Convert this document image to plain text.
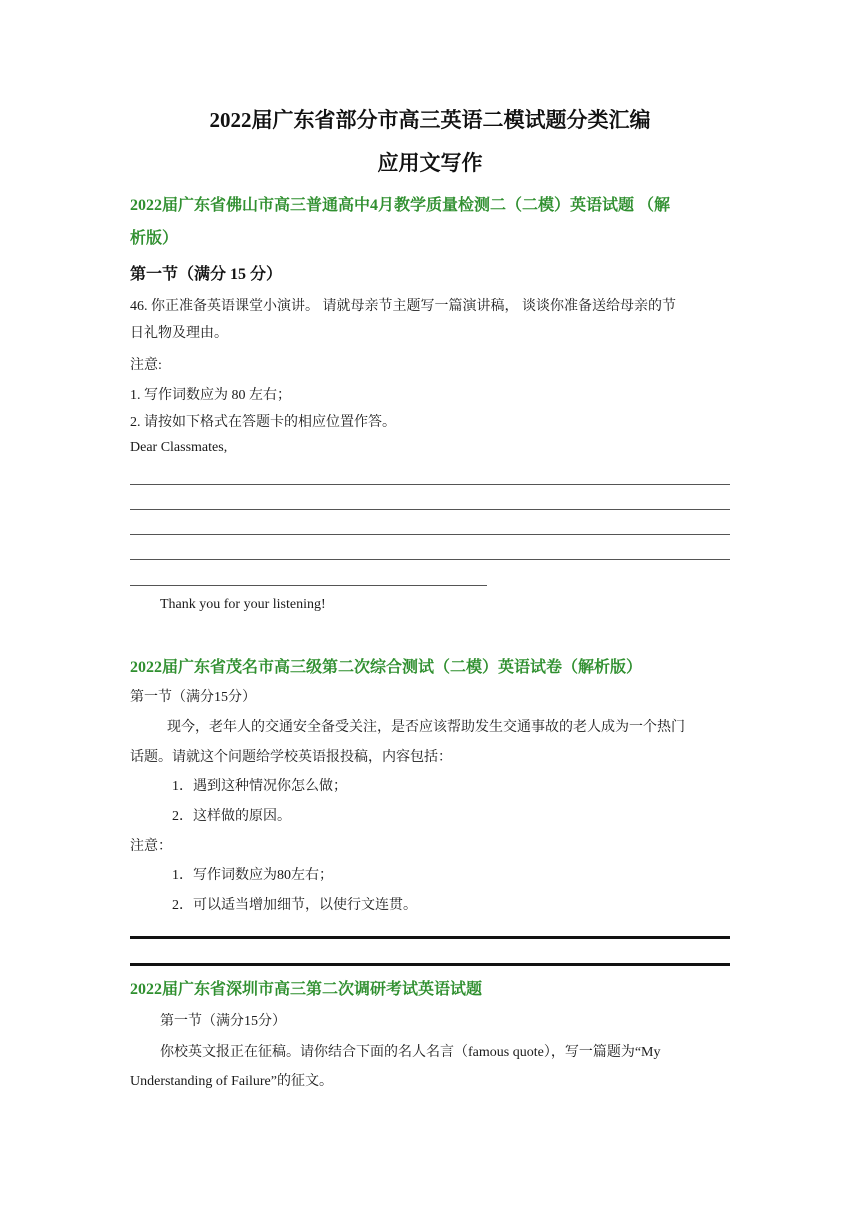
2022届广东省部分市高三英语二模试题分类汇编
应用文写作
2022届广东省佛山市高三普通高中4月教学质量检测二（二模）英语试题 （解
析版）
第一节（满分 15 分）
46. 你正准备英语课堂小演讲。 请就母亲节主题写一篇演讲稿， 谈谈你准备送给母亲的节
日礼物及理由。
注意:
1. 写作词数应为 80 左右；
2. 请按如下格式在答题卡的相应位置作答。
Dear Classmates,
Thank you for your listening!
2022届广东省茂名市高三级第二次综合测试（二模）英语试卷（解析版）
第一节（满分15分）
现今，老年人的交通安全备受关注，是否应该帮助发生交通事故的老人成为一个热门
话题。请就这个问题给学校英语报投稿，内容包括：
1．遇到这种情况你怎么做；
2．这样做的原因。
注意：
1．写作词数应为80左右；
2．可以适当增加细节，以使行文连贯。
2022届广东省深圳市高三第二次调研考试英语试题
第一节（满分15分）
你校英文报正在征稿。请你结合下面的名人名言（famous quote），写一篇题为“My
Understanding of Failure”的征文。
